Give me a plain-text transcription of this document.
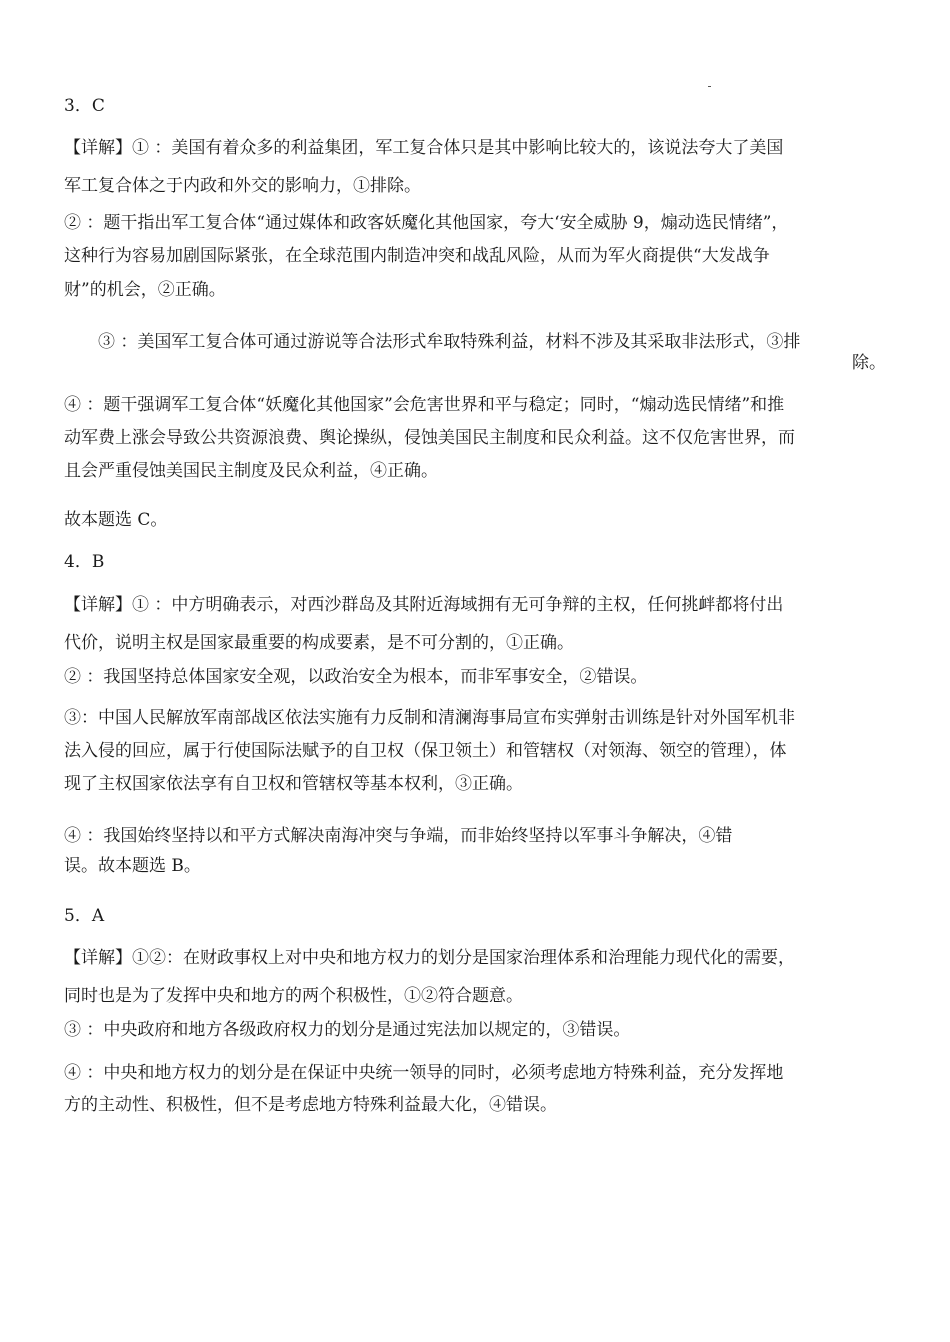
3．C
【详解】① ：美国有着众多的利益集团，军工复合体只是其中影响比较大的，该说法夸大了美国
军工复合体之于内政和外交的影响力，①排除。
② ：题干指出军工复合体“通过媒体和政客妖魔化其他国家，夸大‘安全威胁 9，煽动选民情绪”，
这种行为容易加剧国际紧张，在全球范围内制造冲突和战乱风险，从而为军火商提供“大发战争
财”的机会，②正确。
③ ：美国军工复合体可通过游说等合法形式牟取特殊利益，材料不涉及其采取非法形式，③排
除。
④ ：题干强调军工复合体“妖魔化其他国家”会危害世界和平与稳定；同时，“煽动选民情绪”和推
动军费上涨会导致公共资源浪费、舆论操纵，侵蚀美国民主制度和民众利益。这不仅危害世界，而
且会严重侵蚀美国民主制度及民众利益，④正确。
故本题选 C。
4．B
【详解】① ：中方明确表示，对西沙群岛及其附近海域拥有无可争辩的主权，任何挑衅都将付出
代价，说明主权是国家最重要的构成要素，是不可分割的，①正确。
② ：我国坚持总体国家安全观，以政治安全为根本，而非军事安全，②错误。
③：中国人民解放军南部战区依法实施有力反制和清澜海事局宣布实弹射击训练是针对外国军机非
法入侵的回应，属于行使国际法赋予的自卫权（保卫领土）和管辖权（对领海、领空的管理），体
现了主权国家依法享有自卫权和管辖权等基本权利，③正确。
④ ：我国始终坚持以和平方式解决南海冲突与争端，而非始终坚持以军事斗争解决，④错
误。故本题选 B。
5．A
【详解】①②：在财政事权上对中央和地方权力的划分是国家治理体系和治理能力现代化的需要，
同时也是为了发挥中央和地方的两个积极性，①②符合题意。
③ ：中央政府和地方各级政府权力的划分是通过宪法加以规定的，③错误。
④ ：中央和地方权力的划分是在保证中央统一领导的同时，必须考虑地方特殊利益，充分发挥地
方的主动性、积极性，但不是考虑地方特殊利益最大化，④错误。
